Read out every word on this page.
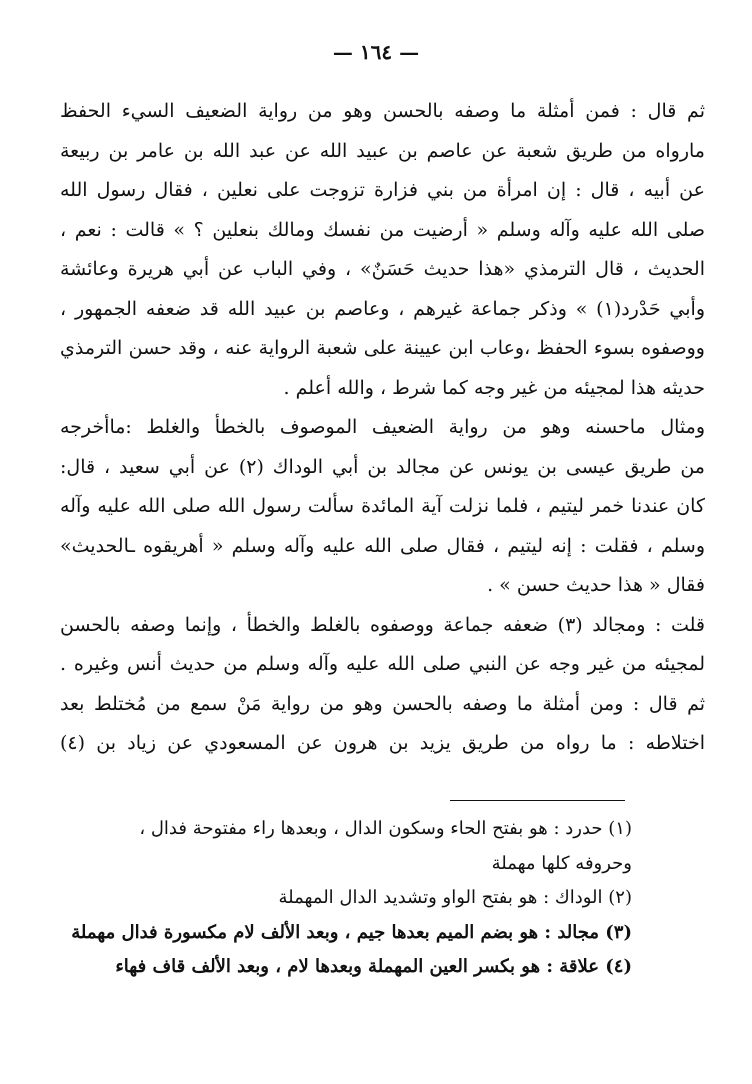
— ١٦٤ —
ثم قال : فمن أمثلة ما وصفه بالحسن وهو من رواية الضعيف السيء الحفظ
مارواه من طريق شعبة عن عاصم بن عبيد الله عن عبد الله بن عامر بن ربيعة
عن أبيه ، قال : إن امرأة من بني فزارة تزوجت على نعلين ، فقال رسول الله
صلى الله عليه وآله وسلم « أرضيت من نفسك ومالك بنعلين ؟ » قالت : نعم ،
الحديث ، قال الترمذي «هذا حديث حَسَنٌ» ، وفي الباب عن أبي هريرة وعائشة
وأبي حَدْرد(١) » وذكر جماعة غيرهم ، وعاصم بن عبيد الله قد ضعفه الجمهور ،
ووصفوه بسوء الحفظ ،وعاب ابن عيينة على شعبة الرواية عنه ، وقد حسن الترمذي
حديثه هذا لمجيئه من غير وجه كما شرط ، والله أعلم .
ومثال ماحسنه وهو من رواية الضعيف الموصوف بالخطأ والغلط :ماأخرجه
من طريق عيسى بن يونس عن مجالد بن أبي الوداك (٢) عن أبي سعيد ، قال:
كان عندنا خمر ليتيم ، فلما نزلت آية المائدة سألت رسول الله صلى الله عليه وآله
وسلم ، فقلت : إنه ليتيم ، فقال صلى الله عليه وآله وسلم « أهريقوه ـالحديث»
فقال « هذا حديث حسن » .
قلت : ومجالد (٣) ضعفه جماعة ووصفوه بالغلط والخطأ ، وإنما وصفه بالحسن
لمجيئه من غير وجه عن النبي صلى الله عليه وآله وسلم من حديث أنس وغيره .
ثم قال : ومن أمثلة ما وصفه بالحسن وهو من رواية مَنْ سمع من مُختلط بعد
اختلاطه : ما رواه من طريق يزيد بن هرون عن المسعودي عن زياد بن (٤)
(١) حدرد : هو بفتح الحاء وسكون الدال ، وبعدها راء مفتوحة فدال ،
وحروفه كلها مهملة
(٢) الوداك : هو بفتح الواو وتشديد الدال المهملة
(٣) مجالد : هو بضم الميم بعدها جيم ، وبعد الألف لام مكسورة فدال مهملة
(٤) علاقة : هو بكسر العين المهملة وبعدها لام ، وبعد الألف قاف فهاء
